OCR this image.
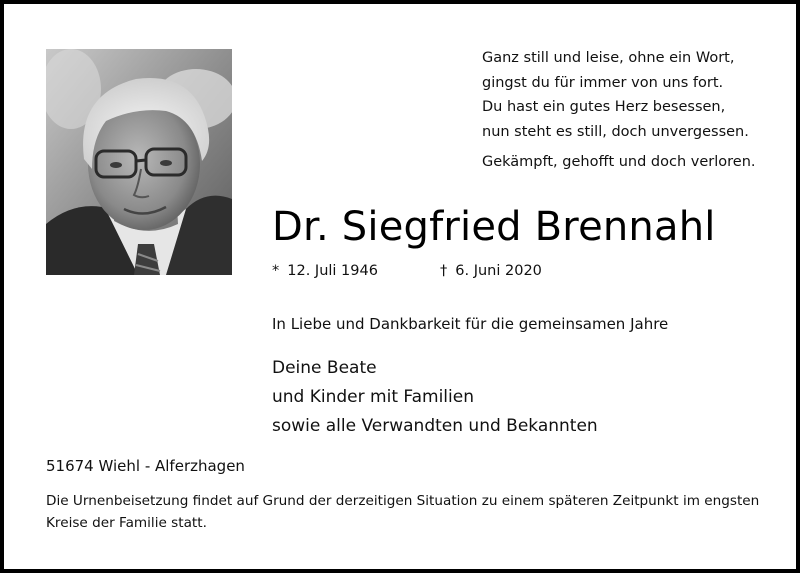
Ganz still und leise, ohne ein Wort,
gingst du für immer von uns fort.
Du hast ein gutes Herz besessen,
nun steht es still, doch unvergessen.
Gekämpft, gehofft und doch verloren.
Dr. Siegfried Brennahl
* 12. Juli 1946	† 6. Juni 2020
In Liebe und Dankbarkeit für die gemeinsamen Jahre
Deine Beate
und Kinder mit Familien
sowie alle Verwandten und Bekannten
51674 Wiehl - Alferzhagen
Die Urnenbeisetzung findet auf Grund der derzeitigen Situation zu einem späteren Zeitpunkt im engsten Kreise der Familie statt.
